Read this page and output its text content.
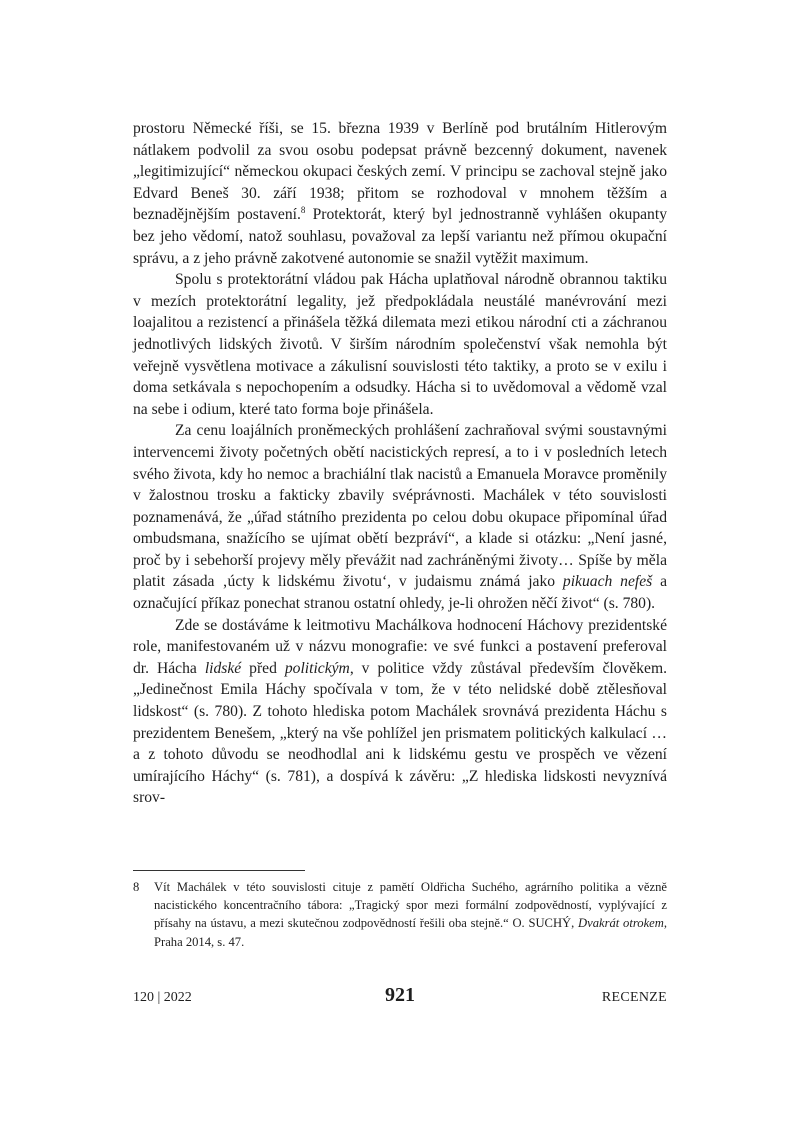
prostoru Německé říši, se 15. března 1939 v Berlíně pod brutálním Hitlerovým nátlakem podvolil za svou osobu podepsat právně bezcenný dokument, navenek „legitimizující“ německou okupaci českých zemí. V principu se zachoval stejně jako Edvard Beneš 30. září 1938; přitom se rozhodoval v mnohem těžším a beznadějnějším postavení.$^8$ Protektorát, který byl jednostranně vyhlášen okupanty bez jeho vědomí, natož souhlasu, považoval za lepší variantu než přímou okupační správu, a z jeho právně zakotvené autonomie se snažil vytěžit maximum.

Spolu s protektorátní vládou pak Hácha uplatňoval národně obrannou taktiku v mezích protektorátní legality, jež předpokládala neustálé manévrování mezi loajalitou a rezistencí a přinášela těžká dilemata mezi etikou národní cti a záchranou jednotlivých lidských životů. V širším národním společenství však nemohla být veřejně vysvětlena motivace a zákulisní souvislosti této taktiky, a proto se v exilu i doma setkávala s nepochopením a odsudky. Hácha si to uvědomoval a vědomě vzal na sebe i odium, které tato forma boje přinášela.

Za cenu loajálních proněmeckých prohlášení zachraňoval svými soustavnými intervencemi životy početných obětí nacistických represí, a to i v posledních letech svého života, kdy ho nemoc a brachiální tlak nacistů a Emanuela Moravce proměnily v žalostnou trosku a fakticky zbavily svéprávnosti. Machálek v této souvislosti poznamenává, že „úřad státního prezidenta po celou dobu okupace připomínal úřad ombudsmana, snažícího se ujímat obětí bezpráví“, a klade si otázku: „Není jasné, proč by i sebehorší projevy měly převážit nad zachráněnými životy… Spíše by měla platit zásada ‚úcty k lidskému životu‘, v judaismu známá jako pikuach nefeš a označující příkaz ponechat stranou ostatní ohledy, je-li ohrožen něčí život“ (s. 780).

Zde se dostáváme k leitmotivu Machálkova hodnocení Háchovy prezidentské role, manifestovaném už v názvu monografie: ve své funkci a postavení preferoval dr. Hácha lidské před politickým, v politice vždy zůstával především člověkem. „Jedinečnost Emila Háchy spočívala v tom, že v této nelidské době ztělesňoval lidskost“ (s. 780). Z tohoto hlediska potom Machálek srovnává prezidenta Háchu s prezidentem Benešem, „který na vše pohlížel jen prismatem politických kalkulací … a z tohoto důvodu se neodhodlal ani k lidskému gestu ve prospěch ve vězení umírajícího Háchy“ (s. 781), a dospívá k závěru: „Z hlediska lidskosti nevyznívá srov-

8	Vít Machálek v této souvislosti cituje z pamětí Oldřicha Suchého, agrárního politika a vězně nacistického koncentračního tábora: „Tragický spor mezi formální zodpovědností, vyplývající z přísahy na ústavu, a mezi skutečnou zodpovědností řešili oba stejně.“ O. SUCHÝ, Dvakrát otrokem, Praha 2014, s. 47.
120 | 2022	921	RECENZE
